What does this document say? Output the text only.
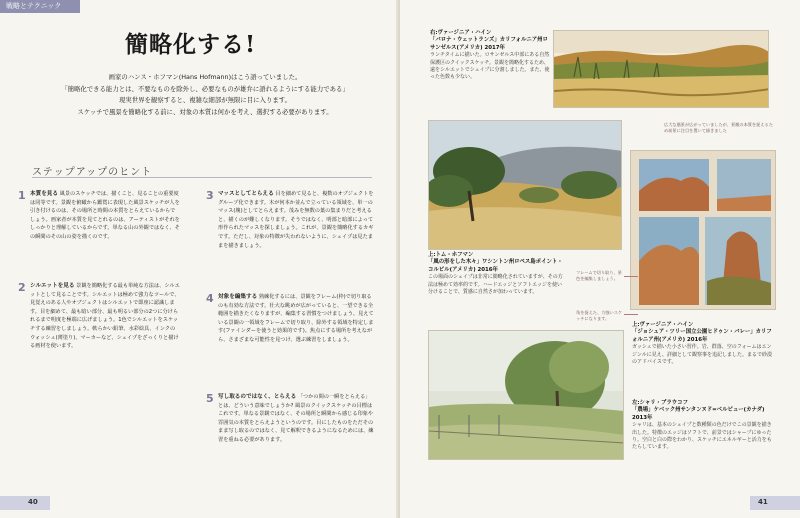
戦略とテクニック
簡略化する!

画家のハンス・ホフマン(Hans Hofmann)はこう語っていました。

「簡略化できる能力とは、不要なものを除外し、必要なものが雄弁に語れるようにする能力である」

現実世界を観察すると、複雑な細部が無限に目に入ります。

スケッチで風景を簡略化する前に、対象の本質は何かを考え、選択する必要があります。

ステップアップのヒント
1 本質を見る 風景のスケッチでは、描くこと、見ることの重要度は同等です。景観を俯瞰から鑑賞に表現した風景スケッチが人を引き付けるのは、その場所と時間の本質をとらえているからでしょう。画家者が本質を見てとれるのは、アーティストがそれをしっかりと理解しているからです。単なる山の外観ではなく、その瞬間のその山の姿を描くのです。
2 シルエットを見る 景観を簡略化する最も単純な方法は、シルエットとして見ることです。シルエットは極めて強力なツールで、見覚えのある人やオブジェクトはシルエットで即座に認識します。目を細めて、最も暗い部分、最も明るい部分の2つに分けられるまで明度を極端に広げましょう。1色でシルエットをスケッチする練習をしましょう。軟らかい鉛筆、水彩絵具、インクのウォッシュ(薄塗り)、マーカーなど、シェイプをざっくりと描ける画材を使います。
3 マッスとしてとらえる 目を細めて見ると、複数のオブジェクトをグループ化できます。木が何本か並んで立っている領域を、単一のマッス(塊)としてとらえます。茂みを無数の葉の集まりだと考えると、描くのが難しくなります。そうではなく、明部と暗部によって形作られたマッスを探しましょう。これが、景観を簡略化するカギです。ただし、対象の特徴が失われないように、シェイプは見たままを描きましょう。
4 対象を編集する 熟練化するには、景観をフレーム(枠)で切り取るのも有効な方法です。壮大な眺めが広がっていると、一望できる全範囲を描きたくなりますが、編集する習慣をつけましょう。見えている景観の一領域をフレームで切り取り、除外する領域を特定します(ファインダーを使うと効果的です)。焦点にする場所を考えながら、さまざまな可能性を見つけ、選ぶ練習をしましょう。
5 写し取るのではなく、とらえる 「つかの間の一瞬をとらえる」とは、どういう意味でしょうか? 風景のクイックスケッチの目標はこれです。単なる景観ではなく、その場所と瞬間から感じる印象や雰囲気の本質をとらえようというのです。目にしたものをただそのまま写し取るのではなく、見て解釈できるようになるためには、練習を重ねる必要があります。
40
右:ヴァージニア・ハイン
「バロナ・ウェットランズ」カリフォルニア州ロサンゼルス(アメリカ) 2017年
ランチタイムに描いた。ロサンゼルス中部にある自然保護区のクイックスケッチ。景観を簡略化するため、遠をシルエットでシェイプに分割しました。また、使った色数も少ない。
上:トム・ホフマン
「風の形をした木々」ワシントン州ロペス島ポイント・コルビル(アメリカ) 2016年
この場面のシェイプは非常に簡略化されていますが、その方法は極めて効率的です。ハードエッジとソフトエッジを使い分けることで、質感に自然さが加わっています。
広大な風景が広がっていましたが、景観の本質を捉えるため前景に注目を置いて描きました
フレームで切り取り、景色を編集しましょう。
角を捉えた、力強いスケッチになります。
上:ヴァージニア・ハイン
「ジョシュア・ツリー国立公園ヒドゥン・バレー」カリフォルニア州(アメリカ) 2016年
ガッシュで描いた小さい習作。岩、群落、空のフォームはエンジンルに見え、詳細として観察事を追記しました。まるで砂漠のアドバイスです。
左:シャリ・ブラウコフ
「農場」ケベック州サンタンヌド=ベルビュー(カナダ) 2013年
シャリは、基本のシェイプと数種類の色だけでこの景観を描き出した。特徴のエッジはソフトで、前景ではシャープにゆったり。空白と白の際をわかり、スケッチにエネルギーと活力をもたらしています。
41
